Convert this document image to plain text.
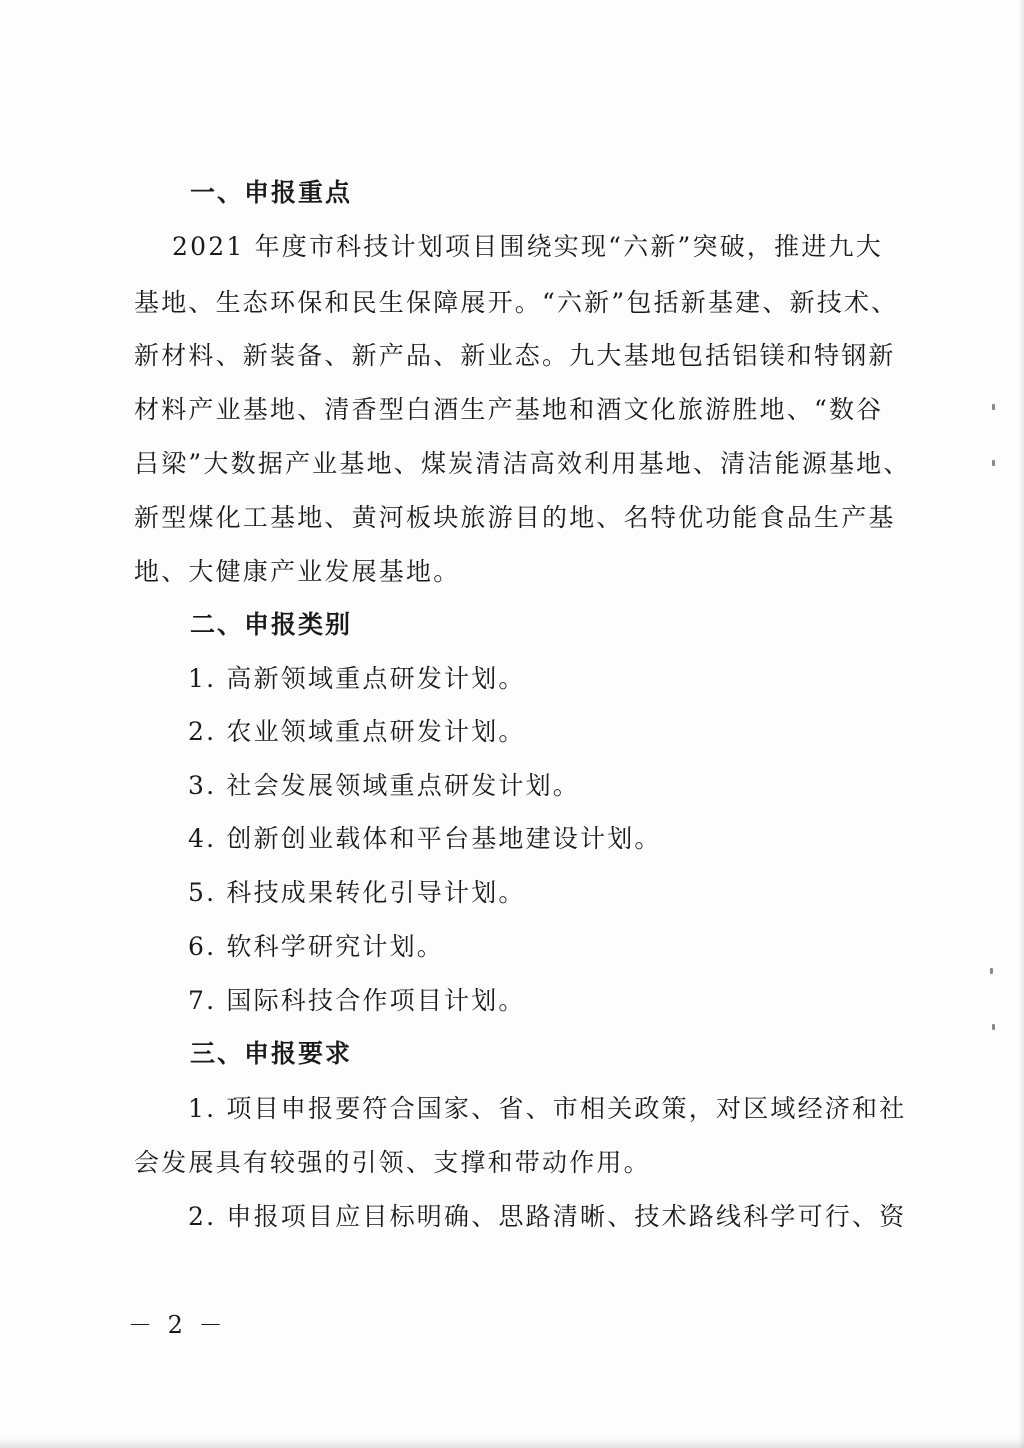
一、申报重点
2021 年度市科技计划项目围绕实现“六新”突破，推进九大
基地、生态环保和民生保障展开。“六新”包括新基建、新技术、
新材料、新装备、新产品、新业态。九大基地包括铝镁和特钢新
材料产业基地、清香型白酒生产基地和酒文化旅游胜地、“数谷
吕梁”大数据产业基地、煤炭清洁高效利用基地、清洁能源基地、
新型煤化工基地、黄河板块旅游目的地、名特优功能食品生产基
地、大健康产业发展基地。
二、申报类别
1. 高新领域重点研发计划。
2. 农业领域重点研发计划。
3. 社会发展领域重点研发计划。
4. 创新创业载体和平台基地建设计划。
5. 科技成果转化引导计划。
6. 软科学研究计划。
7. 国际科技合作项目计划。
三、申报要求
1. 项目申报要符合国家、省、市相关政策，对区域经济和社
会发展具有较强的引领、支撑和带动作用。
2. 申报项目应目标明确、思路清晰、技术路线科学可行、资
－ 2 －
